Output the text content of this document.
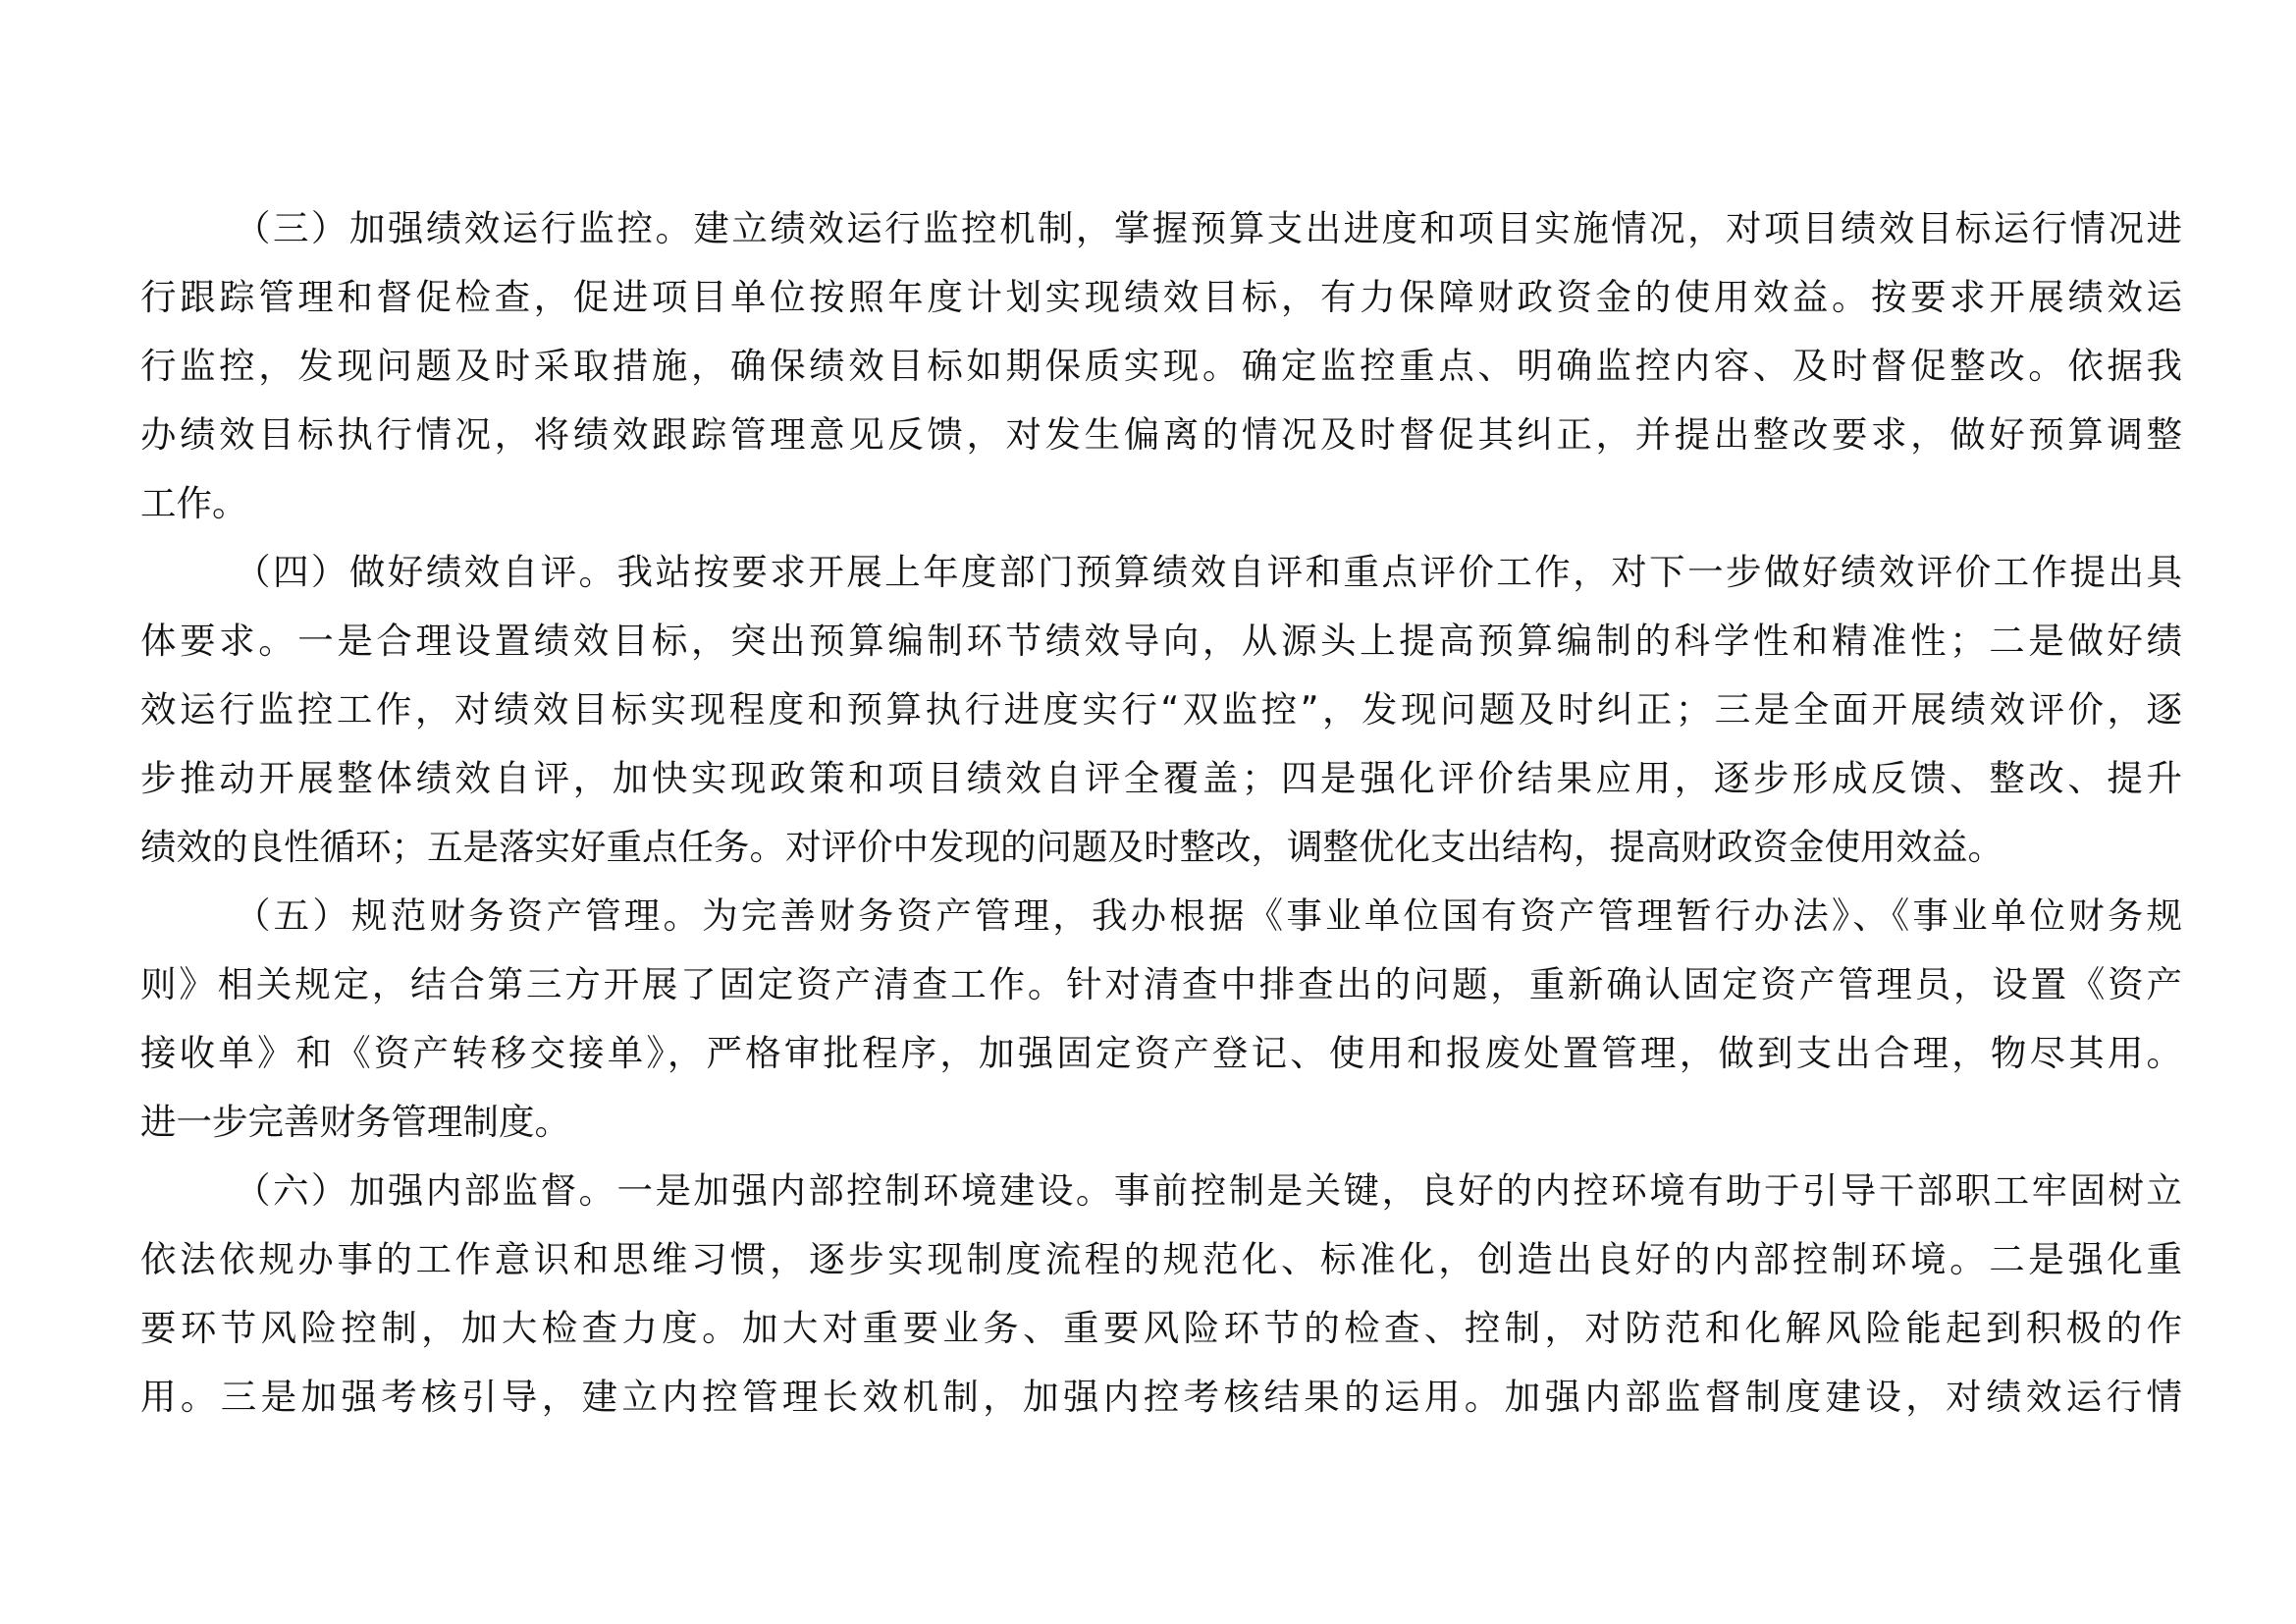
（三）加强绩效运行监控。建立绩效运行监控机制，掌握预算支出进度和项目实施情况，对项目绩效目标运行情况进
行跟踪管理和督促检查，促进项目单位按照年度计划实现绩效目标，有力保障财政资金的使用效益。按要求开展绩效运
行监控，发现问题及时采取措施，确保绩效目标如期保质实现。确定监控重点、明确监控内容、及时督促整改。依据我
办绩效目标执行情况，将绩效跟踪管理意见反馈，对发生偏离的情况及时督促其纠正，并提出整改要求，做好预算调整
工作。
（四）做好绩效自评。我站按要求开展上年度部门预算绩效自评和重点评价工作，对下一步做好绩效评价工作提出具
体要求。一是合理设置绩效目标，突出预算编制环节绩效导向，从源头上提高预算编制的科学性和精准性；二是做好绩
效运行监控工作，对绩效目标实现程度和预算执行进度实行“双监控”，发现问题及时纠正；三是全面开展绩效评价，逐
步推动开展整体绩效自评，加快实现政策和项目绩效自评全覆盖；四是强化评价结果应用，逐步形成反馈、整改、提升
绩效的良性循环；五是落实好重点任务。对评价中发现的问题及时整改，调整优化支出结构，提高财政资金使用效益。
（五）规范财务资产管理。为完善财务资产管理，我办根据《事业单位国有资产管理暂行办法》、《事业单位财务规
则》相关规定，结合第三方开展了固定资产清查工作。针对清查中排查出的问题，重新确认固定资产管理员，设置《资产
接收单》和《资产转移交接单》，严格审批程序，加强固定资产登记、使用和报废处置管理，做到支出合理，物尽其用。
进一步完善财务管理制度。
（六）加强内部监督。一是加强内部控制环境建设。事前控制是关键，良好的内控环境有助于引导干部职工牢固树立
依法依规办事的工作意识和思维习惯，逐步实现制度流程的规范化、标准化，创造出良好的内部控制环境。二是强化重
要环节风险控制，加大检查力度。加大对重要业务、重要风险环节的检查、控制，对防范和化解风险能起到积极的作
用。三是加强考核引导，建立内控管理长效机制，加强内控考核结果的运用。加强内部监督制度建设，对绩效运行情
